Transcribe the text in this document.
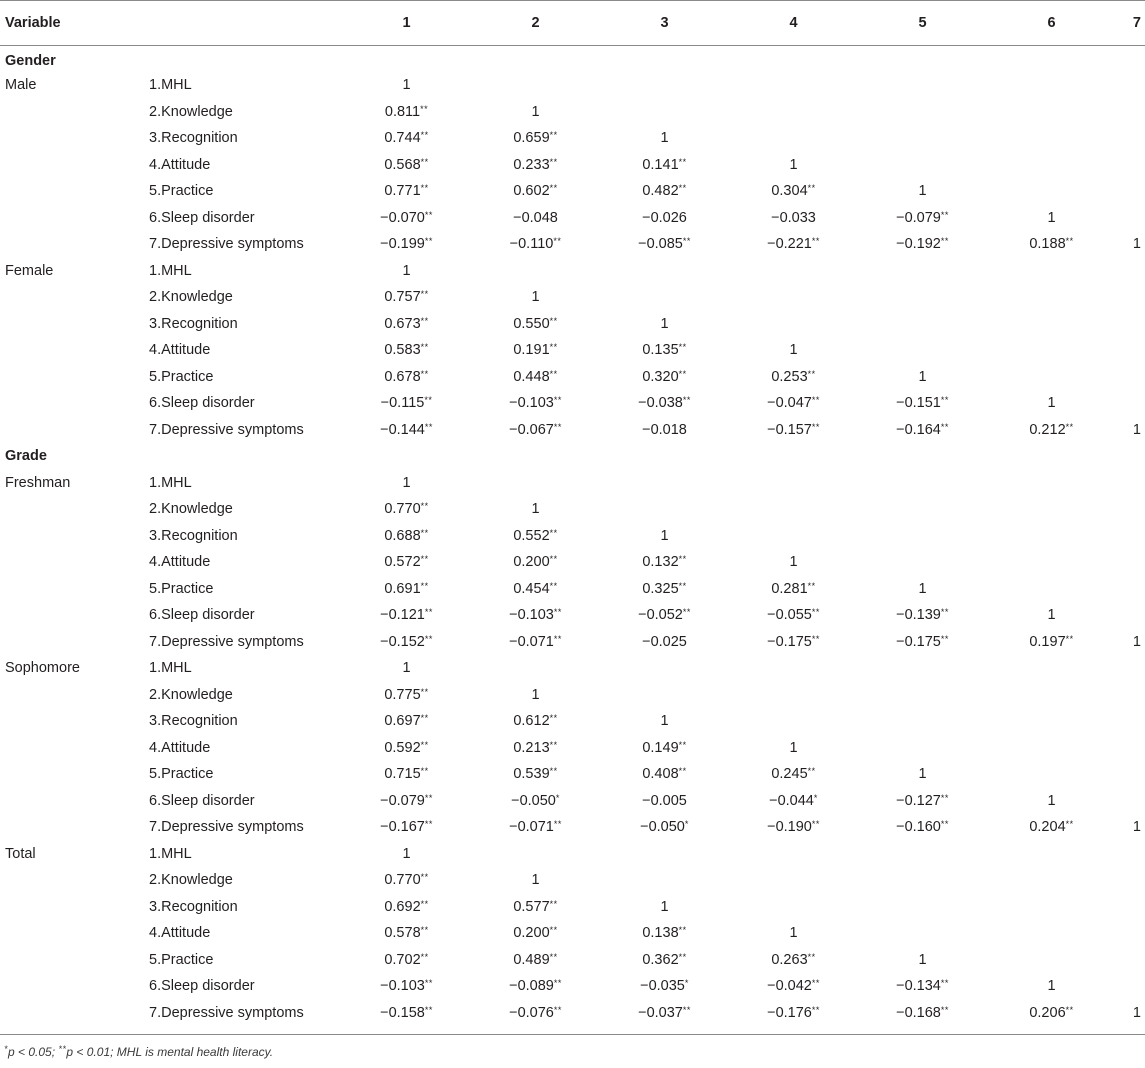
Variable		1	2	3	4	5	6	7
Gender								
Male	1.MHL	1						
	2.Knowledge	0.811**	1					
	3.Recognition	0.744**	0.659**	1				
	4.Attitude	0.568**	0.233**	0.141**	1			
	5.Practice	0.771**	0.602**	0.482**	0.304**	1		
	6.Sleep disorder	−0.070**	−0.048	−0.026	−0.033	−0.079**	1	
	7.Depressive symptoms	−0.199**	−0.110**	−0.085**	−0.221**	−0.192**	0.188**	1
Female	1.MHL	1						
	2.Knowledge	0.757**	1					
	3.Recognition	0.673**	0.550**	1				
	4.Attitude	0.583**	0.191**	0.135**	1			
	5.Practice	0.678**	0.448**	0.320**	0.253**	1		
	6.Sleep disorder	−0.115**	−0.103**	−0.038**	−0.047**	−0.151**	1	
	7.Depressive symptoms	−0.144**	−0.067**	−0.018	−0.157**	−0.164**	0.212**	1
Grade								
Freshman	1.MHL	1						
	2.Knowledge	0.770**	1					
	3.Recognition	0.688**	0.552**	1				
	4.Attitude	0.572**	0.200**	0.132**	1			
	5.Practice	0.691**	0.454**	0.325**	0.281**	1		
	6.Sleep disorder	−0.121**	−0.103**	−0.052**	−0.055**	−0.139**	1	
	7.Depressive symptoms	−0.152**	−0.071**	−0.025	−0.175**	−0.175**	0.197**	1
Sophomore	1.MHL	1						
	2.Knowledge	0.775**	1					
	3.Recognition	0.697**	0.612**	1				
	4.Attitude	0.592**	0.213**	0.149**	1			
	5.Practice	0.715**	0.539**	0.408**	0.245**	1		
	6.Sleep disorder	−0.079**	−0.050*	−0.005	−0.044*	−0.127**	1	
	7.Depressive symptoms	−0.167**	−0.071**	−0.050*	−0.190**	−0.160**	0.204**	1
Total	1.MHL	1						
	2.Knowledge	0.770**	1					
	3.Recognition	0.692**	0.577**	1				
	4.Attitude	0.578**	0.200**	0.138**	1			
	5.Practice	0.702**	0.489**	0.362**	0.263**	1		
	6.Sleep disorder	−0.103**	−0.089**	−0.035*	−0.042**	−0.134**	1	
	7.Depressive symptoms	−0.158**	−0.076**	−0.037**	−0.176**	−0.168**	0.206**	1
*p < 0.05; **p < 0.01; MHL is mental health literacy.
